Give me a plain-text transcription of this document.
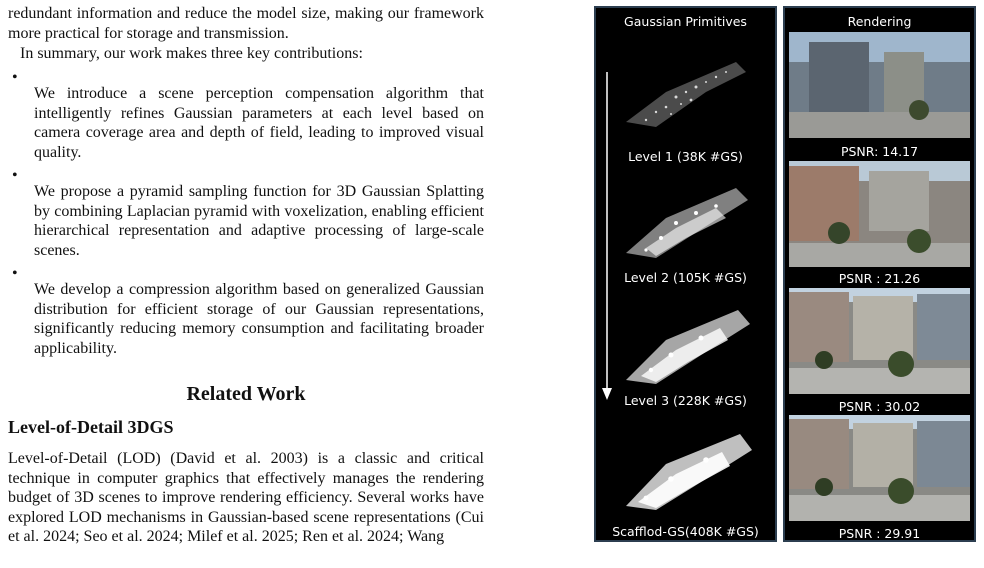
redundant information and reduce the model size, making our framework more practical for storage and transmission.

In summary, our work makes three key contributions:

•

We introduce a scene perception compensation algorithm that intelligently refines Gaussian parameters at each level based on camera coverage area and depth of field, leading to improved visual quality.

•

We propose a pyramid sampling function for 3D Gaussian Splatting by combining Laplacian pyramid with voxelization, enabling efficient hierarchical representation and adaptive processing of large-scale scenes.

•

We develop a compression algorithm based on generalized Gaussian distribution for efficient storage of our Gaussian representations, significantly reducing memory consumption and facilitating broader applicability.

Related Work
Level-of-Detail 3DGS

Level-of-Detail (LOD) (David et al. 2003) is a classic and critical technique in computer graphics that effectively manages the rendering budget of 3D scenes to improve rendering efficiency. Several works have explored LOD mechanisms in Gaussian-based scene representations (Cui et al. 2024; Seo et al. 2024; Milef et al. 2025; Ren et al. 2024; Wang

Gaussian Primitives
Level 1 (38K #GS)
Level 2 (105K #GS)
Level 3 (228K #GS)
Scafflod-GS(408K #GS)
Rendering
PSNR: 14.17
PSNR : 21.26
PSNR : 30.02
PSNR : 29.91
